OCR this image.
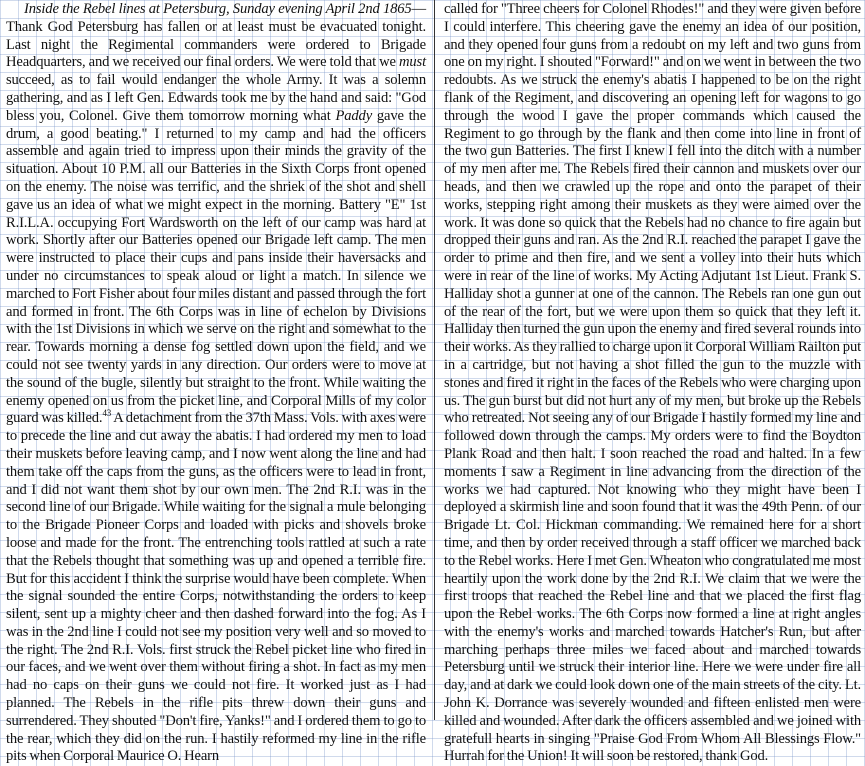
Inside the Rebel lines at Petersburg, Sunday evening April 2nd 1865—Thank God Petersburg has fallen or at least must be evacuated tonight. Last night the Regimental commanders were ordered to Brigade Headquarters, and we received our final orders. We were told that we must succeed, as to fail would endanger the whole Army. It was a solemn gathering, and as I left Gen. Edwards took me by the hand and said: "God bless you, Colonel. Give them tomorrow morning what Paddy gave the drum, a good beating." I returned to my camp and had the officers assemble and again tried to impress upon their minds the gravity of the situation. About 10 P.M. all our Batteries in the Sixth Corps front opened on the enemy. The noise was terrific, and the shriek of the shot and shell gave us an idea of what we might expect in the morning. Battery "E" 1st R.I.L.A. occupying Fort Wardsworth on the left of our camp was hard at work. Shortly after our Batteries opened our Brigade left camp. The men were instructed to place their cups and pans inside their haversacks and under no circumstances to speak aloud or light a match. In silence we marched to Fort Fisher about four miles distant and passed through the fort and formed in front. The 6th Corps was in line of echelon by Divisions with the 1st Divisions in which we serve on the right and somewhat to the rear. Towards morning a dense fog settled down upon the field, and we could not see twenty yards in any direction. Our orders were to move at the sound of the bugle, silently but straight to the front. While waiting the enemy opened on us from the picket line, and Corporal Mills of my color guard was killed.$^{43}$ A detachment from the 37th Mass. Vols. with axes were to precede the line and cut away the abatis. I had ordered my men to load their muskets before leaving camp, and I now went along the line and had them take off the caps from the guns, as the officers were to lead in front, and I did not want them shot by our own men. The 2nd R.I. was in the second line of our Brigade. While waiting for the signal a mule belonging to the Brigade Pioneer Corps and loaded with picks and shovels broke loose and made for the front. The entrenching tools rattled at such a rate that the Rebels thought that something was up and opened a terrible fire. But for this accident I think the surprise would have been complete. When the signal sounded the entire Corps, notwithstanding the orders to keep silent, sent up a mighty cheer and then dashed forward into the fog. As I was in the 2nd line I could not see my position very well and so moved to the right. The 2nd R.I. Vols. first struck the Rebel picket line who fired in our faces, and we went over them without firing a shot. In fact as my men had no caps on their guns we could not fire. It worked just as I had planned. The Rebels in the rifle pits threw down their guns and surrendered. They shouted "Don't fire, Yanks!" and I ordered them to go to the rear, which they did on the run. I hastily reformed my line in the rifle pits when Corporal Maurice O. Hearn

called for "Three cheers for Colonel Rhodes!" and they were given before I could interfere. This cheering gave the enemy an idea of our position, and they opened four guns from a redoubt on my left and two guns from one on my right. I shouted "Forward!" and on we went in between the two redoubts. As we struck the enemy's abatis I happened to be on the right flank of the Regiment, and discovering an opening left for wagons to go through the wood I gave the proper commands which caused the Regiment to go through by the flank and then come into line in front of the two gun Batteries. The first I knew I fell into the ditch with a number of my men after me. The Rebels fired their cannon and muskets over our heads, and then we crawled up the rope and onto the parapet of their works, stepping right among their muskets as they were aimed over the work. It was done so quick that the Rebels had no chance to fire again but dropped their guns and ran. As the 2nd R.I. reached the parapet I gave the order to prime and then fire, and we sent a volley into their huts which were in rear of the line of works. My Acting Adjutant 1st Lieut. Frank S. Halliday shot a gunner at one of the cannon. The Rebels ran one gun out of the rear of the fort, but we were upon them so quick that they left it. Halliday then turned the gun upon the enemy and fired several rounds into their works. As they rallied to charge upon it Corporal William Railton put in a cartridge, but not having a shot filled the gun to the muzzle with stones and fired it right in the faces of the Rebels who were charging upon us. The gun burst but did not hurt any of my men, but broke up the Rebels who retreated. Not seeing any of our Brigade I hastily formed my line and followed down through the camps. My orders were to find the Boydton Plank Road and then halt. I soon reached the road and halted. In a few moments I saw a Regiment in line advancing from the direction of the works we had captured. Not knowing who they might have been I deployed a skirmish line and soon found that it was the 49th Penn. of our Brigade Lt. Col. Hickman commanding. We remained here for a short time, and then by order received through a staff officer we marched back to the Rebel works. Here I met Gen. Wheaton who congratulated me most heartily upon the work done by the 2nd R.I. We claim that we were the first troops that reached the Rebel line and that we placed the first flag upon the Rebel works. The 6th Corps now formed a line at right angles with the enemy's works and marched towards Hatcher's Run, but after marching perhaps three miles we faced about and marched towards Petersburg until we struck their interior line. Here we were under fire all day, and at dark we could look down one of the main streets of the city. Lt. John K. Dorrance was severely wounded and fifteen enlisted men were killed and wounded. After dark the officers assembled and we joined with gratefull hearts in singing "Praise God From Whom All Blessings Flow." Hurrah for the Union! It will soon be restored, thank God.
